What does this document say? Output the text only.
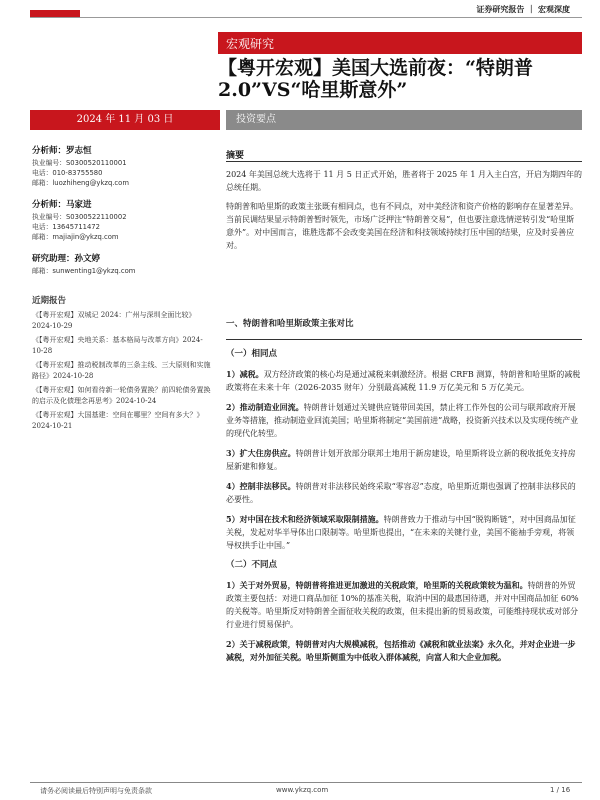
证券研究报告 ｜ 宏观深度
宏观研究
【粤开宏观】美国大选前夜：“特朗普2.0”VS“哈里斯意外”
2024 年 11 月 03 日	投资要点
分析师：罗志恒
执业编号：S0300520110001
电话：010-83755580
邮箱：luozhiheng@ykzq.com
分析师：马家进
执业编号：S0300522110002
电话：13645711472
邮箱：majiajin@ykzq.com
研究助理：孙文婷
邮箱：sunwenting1@ykzq.com
近期报告
《【粤开宏观】双城记 2024：广州与深圳全面比较》2024-10-29
《【粤开宏观】央地关系：基本格局与改革方向》2024-10-28
《【粤开宏观】推动税制改革的三条主线、三大原则和实施路径》2024-10-28
《【粤开宏观】如何看待新一轮债务置换？前四轮债务置换的启示及化债理念再思考》2024-10-24
《【粤开宏观】大国基建：空间在哪里？空间有多大？》2024-10-21
摘要

2024 年美国总统大选将于 11 月 5 日正式开始，胜者将于 2025 年 1 月入主白宫，开启为期四年的总统任期。

特朗普和哈里斯的政策主张既有相同点，也有不同点，对中美经济和资产价格的影响存在显著差异。当前民调结果显示特朗普暂时领先，市场广泛押注“特朗普交易”，但也要注意选情逆转引发“哈里斯意外”。对中国而言，谁胜选都不会改变美国在经济和科技领域持续打压中国的结果，应及时妥善应对。

一、特朗普和哈里斯政策主张对比
（一）相同点
1）减税。双方经济政策的核心均是通过减税来刺激经济。根据 CRFB 测算，特朗普和哈里斯的减税政策将在未来十年（2026-2035 财年）分别最高减税 11.9 万亿美元和 5 万亿美元。
2）推动制造业回流。特朗普计划通过关键供应链带回美国，禁止将工作外包的公司与联邦政府开展业务等措施，推动制造业回流美国；哈里斯将制定“美国前进”战略，投资新兴技术以及实现传统产业的现代化转型。
3）扩大住房供应。特朗普计划开放部分联邦土地用于新房建设，哈里斯将设立新的税收抵免支持房屋新建和修复。
4）控制非法移民。特朗普对非法移民始终采取“零容忍”态度，哈里斯近期也强调了控制非法移民的必要性。
5）对中国在技术和经济领域采取限制措施。特朗普致力于推动与中国“脱钩断链”，对中国商品加征关税，发起对华半导体出口限制等。哈里斯也提出，“在未来的关键行业，美国不能袖手旁观，将领导权拱手让中国。”
（二）不同点
1）关于对外贸易，特朗普将推进更加激进的关税政策，哈里斯的关税政策较为温和。特朗普的外贸政策主要包括：对进口商品加征 10%的基准关税，取消中国的最惠国待遇，并对中国商品加征 60%的关税等。哈里斯反对特朗普全面征收关税的政策，但未提出新的贸易政策，可能维持现状或对部分行业进行贸易保护。
2）关于减税政策，特朗普对内大规模减税，包括推动《减税和就业法案》永久化，并对企业进一步减税，对外加征关税。哈里斯侧重为中低收入群体减税，向富人和大企业加税。
请务必阅读最后特别声明与免责条款	www.ykzq.com	1 / 16
